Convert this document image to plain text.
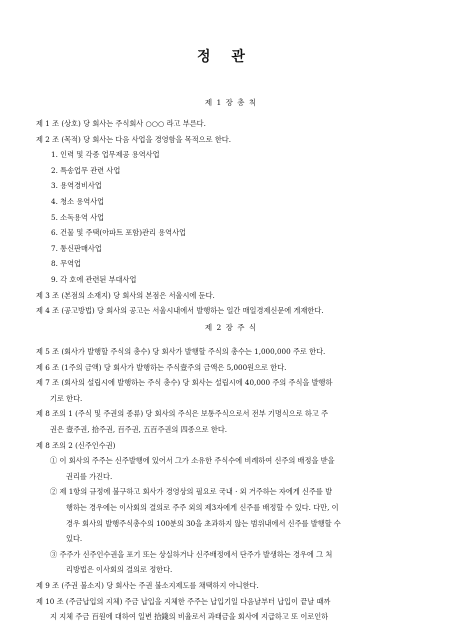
정 관
제 1 장 총 칙
제 1 조 (상호) 당 회사는 주식회사 ○○○ 라고 부른다.
제 2 조 (목적) 당 회사는 다음 사업을 경영함을 목적으로 한다.
1. 인력 및 각종 업무제공 용역사업
2. 특송업무 관련 사업
3. 용역경비사업
4. 청소 용역사업
5. 소독용역 사업
6. 건물 및 주택(아파트 포함)관리 용역사업
7. 통신판매사업
8. 무역업
9. 각 호에 관련된 부대사업
제 3 조 (본점의 소재지) 당 회사의 본점은 서울시에 둔다.
제 4 조 (공고방법) 당 회사의 공고는 서울시내에서 발행하는 일간 매일경제신문에 게재한다.
제 2 장 주 식
제 5 조 (회사가 발행할 주식의 총수) 당 회사가 발행할 주식의 총수는 1,000,000 주로 한다.
제 6 조 (1주의 금액) 당 회사가 발행하는 주식壹주의 금액은 5,000원으로 한다.
제 7 조 (회사의 설립시에 발행하는 주식 총수) 당 회사는 설립시에 40,000 주의 주식을 발행하
기로 한다.
제 8 조의 1 (주식 및 주권의 종류) 당 회사의 주식은 보통주식으로서 전부 기명식으로 하고 주
권은 壹주권, 拾주권, 百주권, 五百주권의 四종으로 한다.
제 8 조의 2 (신주인수권)
① 이 회사의 주주는 신주발행에 있어서 그가 소유한 주식수에 비례하여 신주의 배정을 받을
권리를 가진다.
② 제 1항의 규정에 불구하고 회사가 경영상의 필요로 국내 · 외 거주하는 자에게 신주를 발
행하는 경우에는 이사회의 결의로 주주 외의 제3자에게 신주를 배정할 수 있다. 다만, 이
경우 회사의 발행주식총수의 100분의 30을 초과하지 않는 범위내에서 신주를 발행할 수
있다.
③ 주주가 신주인수권을 포기 또는 상실하거나 신주배정에서 단주가 발생하는 경우에 그 처
리방법은 이사회의 결의로 정한다.
제 9 조 (주권 불소지) 당 회사는 주권 불소지제도를 채택하지 아니한다.
제 10 조 (주금납입의 지체) 주금 납입을 지체한 주주는 납입기일 다음날부터 납입이 끝날 때까
지 지체 주금 百원에 대하여 일변 拾錢의 비율로서 과태금을 회사에 지급하고 또 이로인하
